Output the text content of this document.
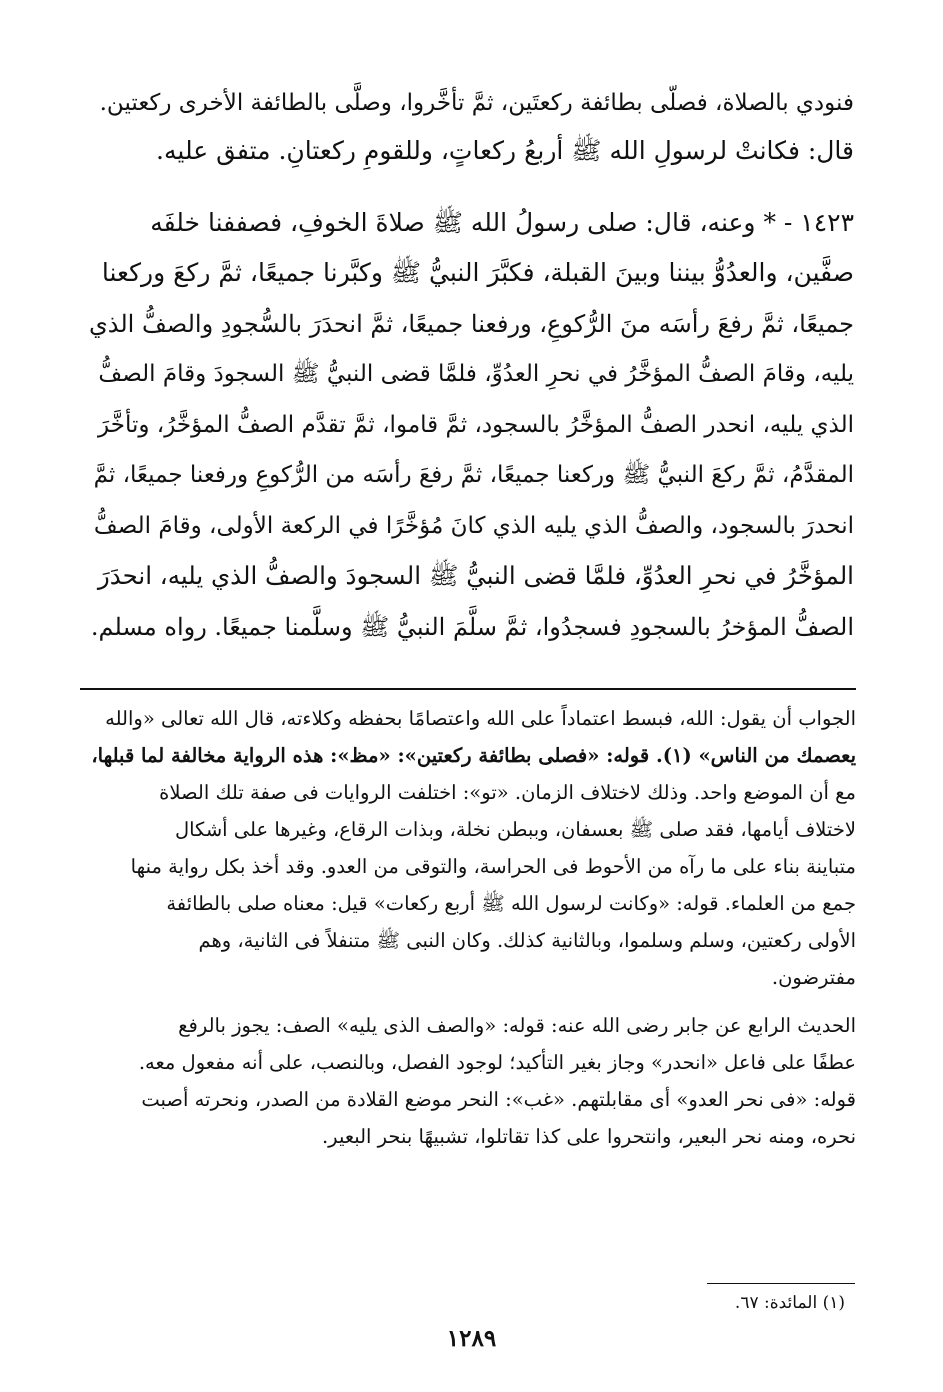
فنودي بالصلاة، فصلّى بطائفة ركعتَين، ثمَّ تأخَّروا، وصلَّى بالطائفة الأخرى ركعتين.
قال: فكانتْ لرسولِ الله ﷺ أربعُ ركعاتٍ، وللقومِ ركعتانِ. متفق عليه.
١٤٢٣ - * وعنه، قال: صلى رسولُ الله ﷺ صلاةَ الخوفِ، فصففنا خلفَه
صفَّين، والعدُوُّ بيننا وبينَ القبلة، فكبَّرَ النبيُّ ﷺ وكبَّرنا جميعًا، ثمَّ ركعَ وركعنا
جميعًا، ثمَّ رفعَ رأسَه منَ الرُّكوعِ، ورفعنا جميعًا، ثمَّ انحدَرَ بالسُّجودِ والصفُّ الذي
يليه، وقامَ الصفُّ المؤخَّرُ في نحرِ العدُوِّ، فلمَّا قضى النبيُّ ﷺ السجودَ وقامَ الصفُّ
الذي يليه، انحدر الصفُّ المؤخَّرُ بالسجود، ثمَّ قاموا، ثمَّ تقدَّم الصفُّ المؤخَّرُ، وتأخَّرَ
المقدَّمُ، ثمَّ ركعَ النبيُّ ﷺ وركعنا جميعًا، ثمَّ رفعَ رأسَه من الرُّكوعِ ورفعنا جميعًا، ثمَّ
انحدرَ بالسجود، والصفُّ الذي يليه الذي كانَ مُؤخَّرًا في الركعة الأولى، وقامَ الصفُّ
المؤخَّرُ في نحرِ العدُوِّ، فلمَّا قضى النبيُّ ﷺ السجودَ والصفُّ الذي يليه، انحدَرَ
الصفُّ المؤخرُ بالسجودِ فسجدُوا، ثمَّ سلَّمَ النبيُّ ﷺ وسلَّمنا جميعًا. رواه مسلم.
الجواب أن يقول: الله، فبسط اعتماداً على الله واعتصامًا بحفظه وكلاءته، قال الله تعالى «والله
يعصمك من الناس» (١). قوله: «فصلى بطائفة ركعتين»: «مظ»: هذه الرواية مخالفة لما قبلها،
مع أن الموضع واحد. وذلك لاختلاف الزمان. «تو»: اختلفت الروايات فى صفة تلك الصلاة
لاختلاف أيامها، فقد صلى ﷺ بعسفان، وببطن نخلة، وبذات الرقاع، وغيرها على أشكال
متباينة بناء على ما رآه من الأحوط فى الحراسة، والتوقى من العدو. وقد أخذ بكل رواية منها
جمع من العلماء. قوله: «وكانت لرسول الله ﷺ أربع ركعات» قيل: معناه صلى بالطائفة
الأولى ركعتين، وسلم وسلموا، وبالثانية كذلك. وكان النبى ﷺ متنفلاً فى الثانية، وهم
مفترضون.
الحديث الرابع عن جابر رضى الله عنه: قوله: «والصف الذى يليه» الصف: يجوز بالرفع
عطفًا على فاعل «انحدر» وجاز بغير التأكيد؛ لوجود الفصل، وبالنصب، على أنه مفعول معه.
قوله: «فى نحر العدو» أى مقابلتهم. «غب»: النحر موضع القلادة من الصدر، ونحرته أصبت
نحره، ومنه نحر البعير، وانتحروا على كذا تقاتلوا، تشبيهًا بنحر البعير.
(١) المائدة: ٦٧.
١٢٨٩
